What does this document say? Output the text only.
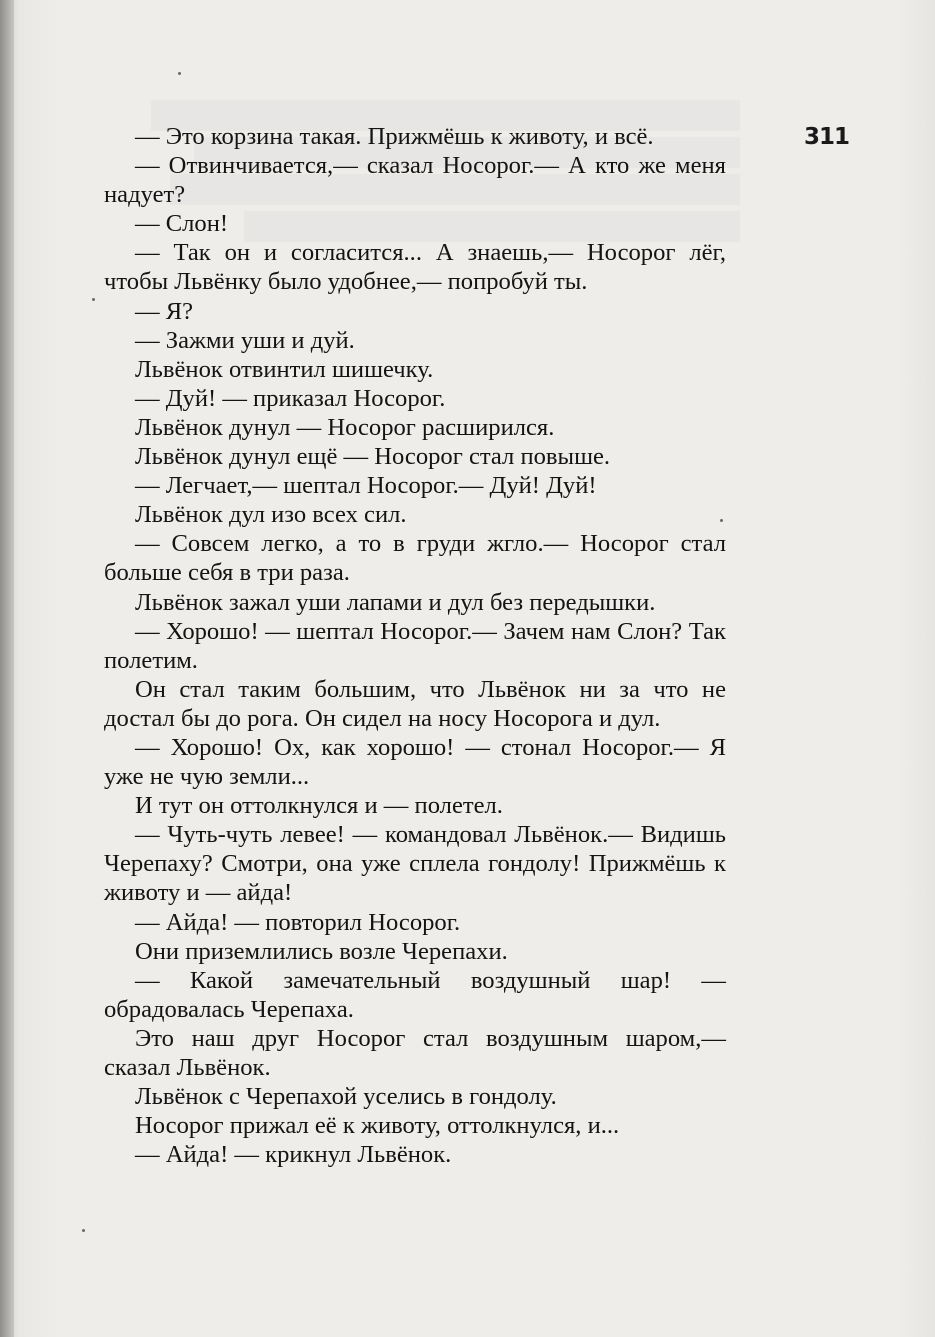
311

— Это корзина такая. Прижмёшь к животу, и всё.

— Отвинчивается,— сказал Носорог.— А кто же меня надует?

— Слон!

— Так он и согласится... А знаешь,— Носорог лёг, чтобы Львёнку было удобнее,— попробуй ты.

— Я?

— Зажми уши и дуй.

Львёнок отвинтил шишечку.

— Дуй! — приказал Носорог.

Львёнок дунул — Носорог расширился.

Львёнок дунул ещё — Носорог стал повыше.

— Легчает,— шептал Носорог.— Дуй! Дуй!

Львёнок дул изо всех сил.

— Совсем легко, а то в груди жгло.— Носорог стал больше себя в три раза.

Львёнок зажал уши лапами и дул без передышки.

— Хорошо! — шептал Носорог.— Зачем нам Слон? Так полетим.

Он стал таким большим, что Львёнок ни за что не достал бы до рога. Он сидел на носу Носорога и дул.

— Хорошо! Ох, как хорошо! — стонал Носорог.— Я уже не чую земли...

И тут он оттолкнулся и — полетел.

— Чуть-чуть левее! — командовал Львёнок.— Видишь Черепаху? Смотри, она уже сплела гондолу! Прижмёшь к животу и — айда!

— Айда! — повторил Носорог.

Они приземлились возле Черепахи.

— Какой замечательный воздушный шар! — обрадовалась Черепаха.

Это наш друг Носорог стал воздушным шаром,— сказал Львёнок.

Львёнок с Черепахой уселись в гондолу.

Носорог прижал её к животу, оттолкнулся, и...

— Айда! — крикнул Львёнок.
